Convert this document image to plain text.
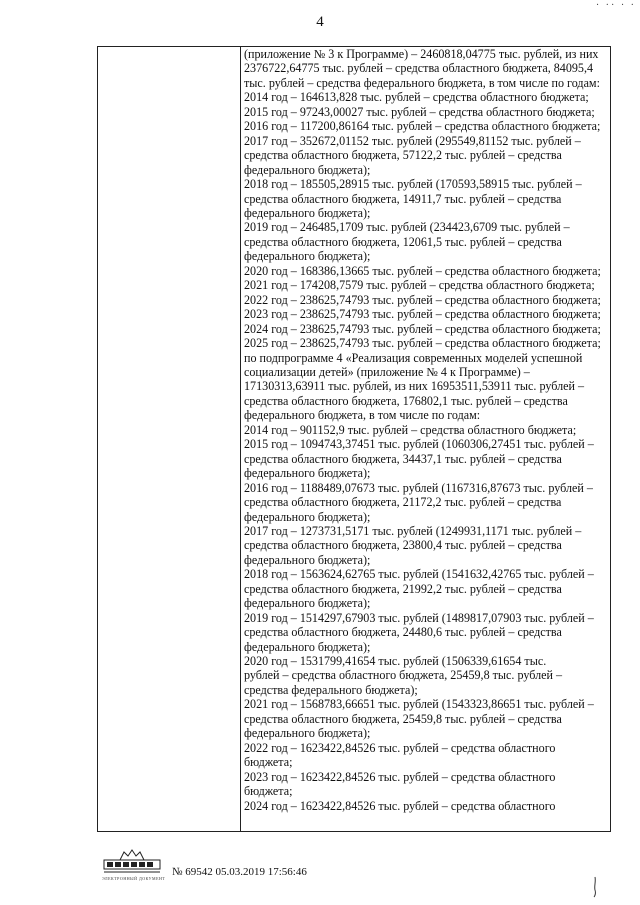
4
· ·· · ·
(приложение № 3 к Программе) – 2460818,04775 тыс. рублей, из них
2376722,64775 тыс. рублей – средства областного бюджета, 84095,4
тыс. рублей – средства федерального бюджета, в том числе по годам:
2014 год – 164613,828 тыс. рублей – средства областного бюджета;
2015 год – 97243,00027 тыс. рублей – средства областного бюджета;
2016 год – 117200,86164 тыс. рублей – средства областного бюджета;
2017 год – 352672,01152 тыс. рублей (295549,81152 тыс. рублей –
средства областного бюджета, 57122,2 тыс. рублей – средства
федерального бюджета);
2018 год – 185505,28915 тыс. рублей (170593,58915 тыс. рублей –
средства областного бюджета, 14911,7 тыс. рублей – средства
федерального бюджета);
2019 год – 246485,1709 тыс. рублей (234423,6709 тыс. рублей –
средства областного бюджета, 12061,5 тыс. рублей – средства
федерального бюджета);
2020 год – 168386,13665 тыс. рублей – средства областного бюджета;
2021 год – 174208,7579 тыс. рублей – средства областного бюджета;
2022 год – 238625,74793 тыс. рублей – средства областного бюджета;
2023 год – 238625,74793 тыс. рублей – средства областного бюджета;
2024 год – 238625,74793 тыс. рублей – средства областного бюджета;
2025 год – 238625,74793 тыс. рублей – средства областного бюджета;
по подпрограмме 4 «Реализация современных моделей успешной
социализации детей» (приложение № 4 к Программе) –
17130313,63911 тыс. рублей, из них 16953511,53911 тыс. рублей –
средства областного бюджета, 176802,1 тыс. рублей – средства
федерального бюджета, в том числе по годам:
2014 год – 901152,9 тыс. рублей – средства областного бюджета;
2015 год – 1094743,37451 тыс. рублей (1060306,27451 тыс. рублей –
средства областного бюджета, 34437,1 тыс. рублей – средства
федерального бюджета);
2016 год – 1188489,07673 тыс. рублей (1167316,87673 тыс. рублей –
средства областного бюджета, 21172,2 тыс. рублей – средства
федерального бюджета);
2017 год – 1273731,5171 тыс. рублей (1249931,1171 тыс. рублей –
средства областного бюджета, 23800,4 тыс. рублей – средства
федерального бюджета);
2018 год – 1563624,62765 тыс. рублей (1541632,42765 тыс. рублей –
средства областного бюджета, 21992,2 тыс. рублей – средства
федерального бюджета);
2019 год – 1514297,67903 тыс. рублей (1489817,07903 тыс. рублей –
средства областного бюджета, 24480,6 тыс. рублей – средства
федерального бюджета);
2020 год – 1531799,41654 тыс. рублей (1506339,61654 тыс.
рублей – средства областного бюджета, 25459,8 тыс. рублей –
средства федерального бюджета);
2021 год – 1568783,66651 тыс. рублей (1543323,86651 тыс. рублей –
средства областного бюджета, 25459,8 тыс. рублей – средства
федерального бюджета);
2022 год – 1623422,84526 тыс. рублей – средства областного
бюджета;
2023 год – 1623422,84526 тыс. рублей – средства областного
бюджета;
2024 год – 1623422,84526 тыс. рублей – средства областного
ЭЛЕКТРОННЫЙ ДОКУМЕНТ
№ 69542 05.03.2019 17:56:46
